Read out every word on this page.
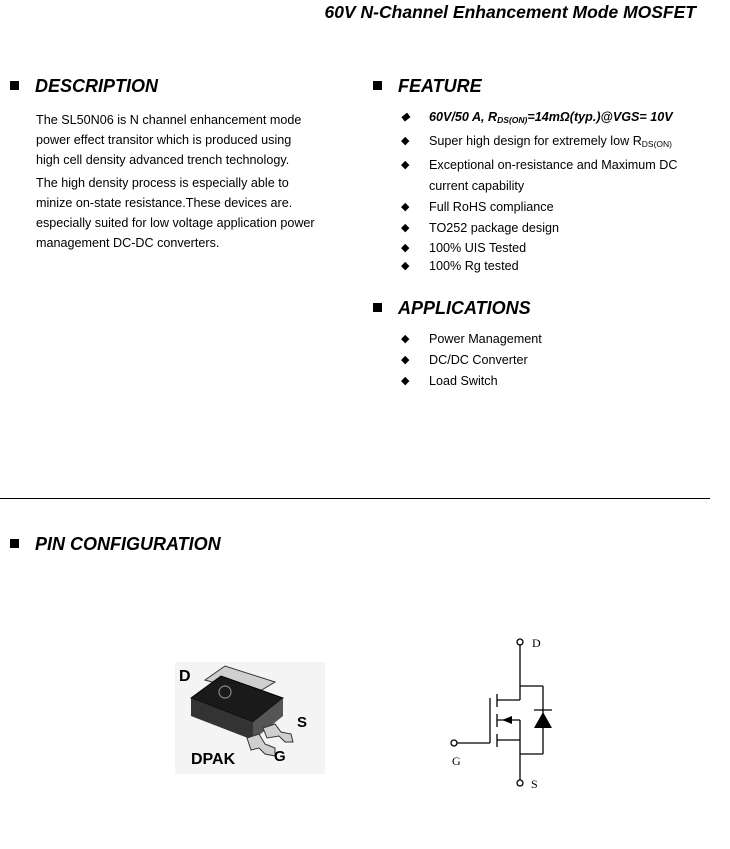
60V N-Channel Enhancement Mode MOSFET
DESCRIPTION
The SL50N06 is N channel enhancement mode
power effect transitor which is produced using
high cell density advanced trench technology.
The high density process is especially able to
minize on-state resistance.These devices are.
especially suited for low voltage application power
management DC-DC converters.
FEATURE
◆ 60V/50 A, $R_{DS(ON)}=14m\Omega(typ.)@VGS= 10V$
◆ Super high design for extremely low $R_{DS(ON)}$
◆ Exceptional on-resistance and Maximum DC
current capability
◆ Full RoHS compliance
◆ TO252 package design
◆ 100% UIS Tested
◆ 100% Rg tested
APPLICATIONS
◆ Power Management
◆ DC/DC Converter
◆ Load Switch
PIN CONFIGURATION
D
S
G
DPAK
D
G
S
